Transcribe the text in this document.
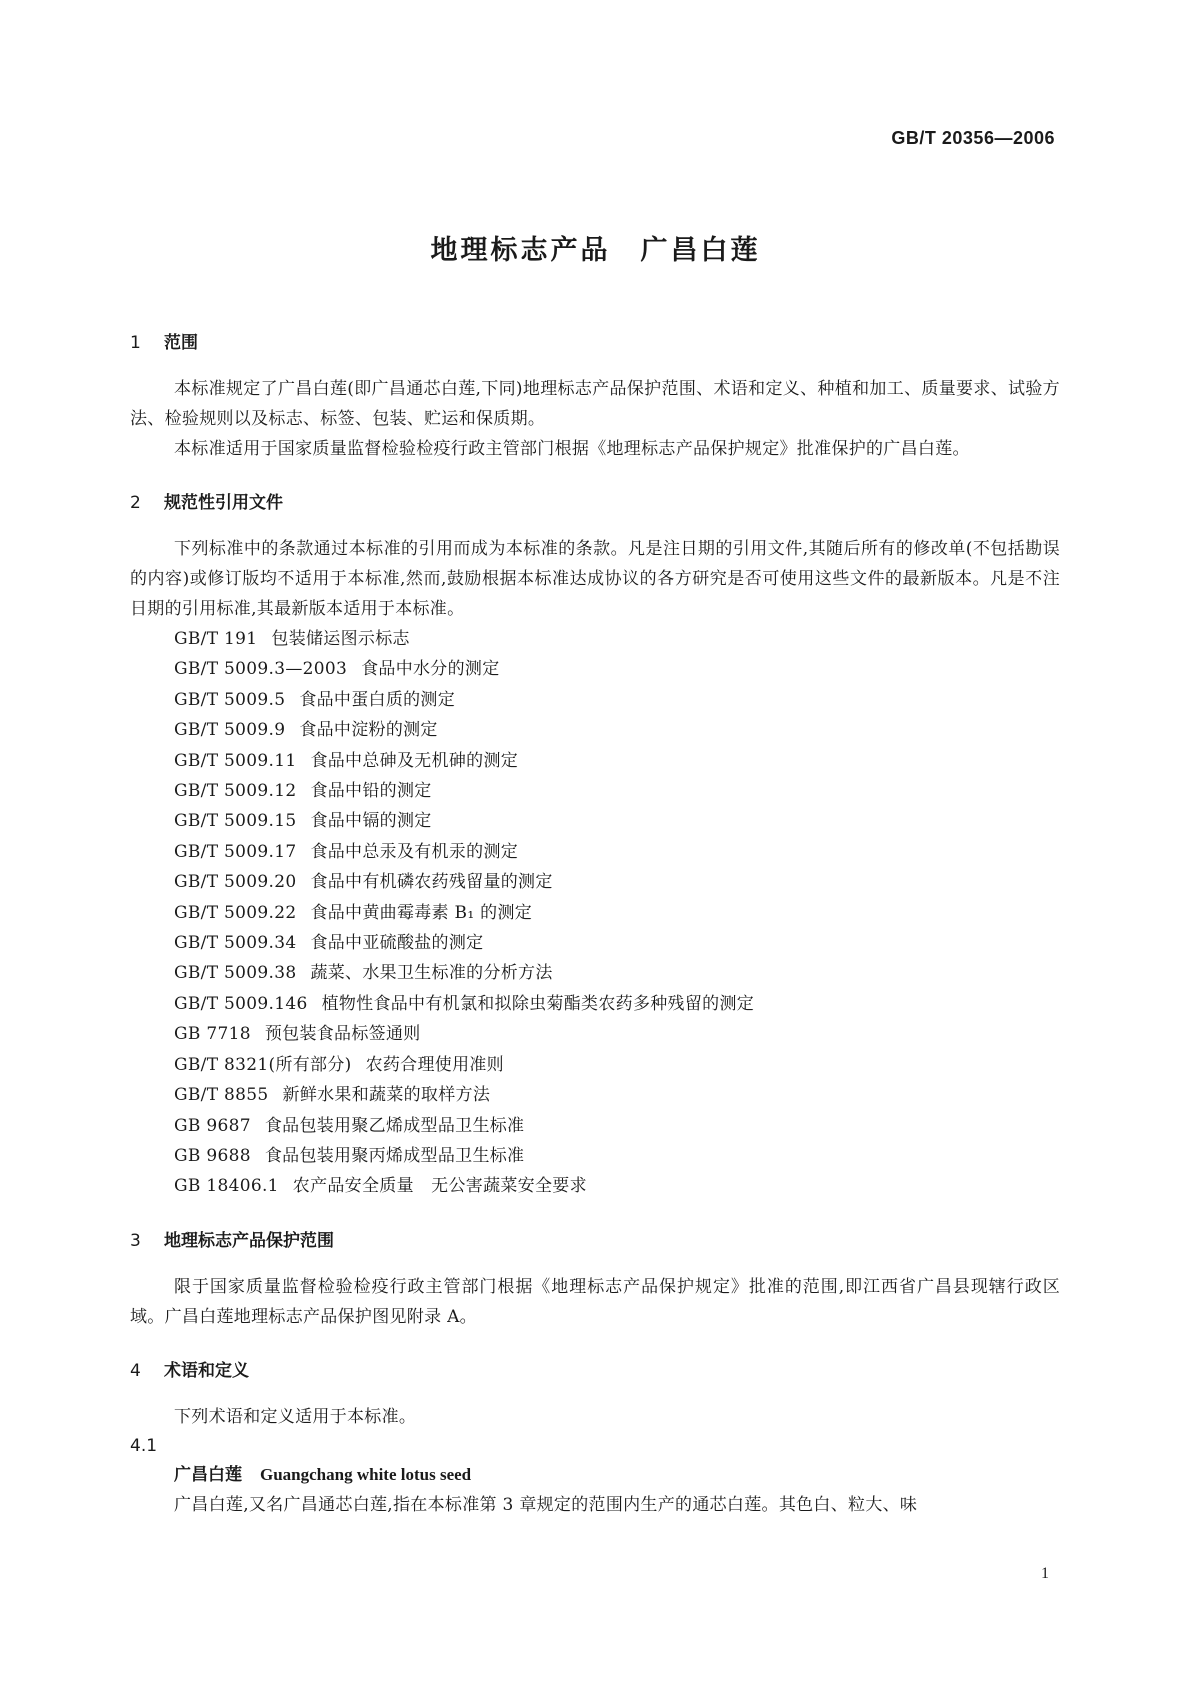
GB/T 20356—2006
地理标志产品　广昌白莲
1 范围

本标准规定了广昌白莲(即广昌通芯白莲,下同)地理标志产品保护范围、术语和定义、种植和加工、质量要求、试验方法、检验规则以及标志、标签、包装、贮运和保质期。

本标准适用于国家质量监督检验检疫行政主管部门根据《地理标志产品保护规定》批准保护的广昌白莲。

2 规范性引用文件

下列标准中的条款通过本标准的引用而成为本标准的条款。凡是注日期的引用文件,其随后所有的修改单(不包括勘误的内容)或修订版均不适用于本标准,然而,鼓励根据本标准达成协议的各方研究是否可使用这些文件的最新版本。凡是不注日期的引用标准,其最新版本适用于本标准。

GB/T 191 包装储运图示标志
GB/T 5009.3—2003 食品中水分的测定
GB/T 5009.5 食品中蛋白质的测定
GB/T 5009.9 食品中淀粉的测定
GB/T 5009.11 食品中总砷及无机砷的测定
GB/T 5009.12 食品中铅的测定
GB/T 5009.15 食品中镉的测定
GB/T 5009.17 食品中总汞及有机汞的测定
GB/T 5009.20 食品中有机磷农药残留量的测定
GB/T 5009.22 食品中黄曲霉毒素 B₁ 的测定
GB/T 5009.34 食品中亚硫酸盐的测定
GB/T 5009.38 蔬菜、水果卫生标准的分析方法
GB/T 5009.146 植物性食品中有机氯和拟除虫菊酯类农药多种残留的测定
GB 7718 预包装食品标签通则
GB/T 8321(所有部分) 农药合理使用准则
GB/T 8855 新鲜水果和蔬菜的取样方法
GB 9687 食品包装用聚乙烯成型品卫生标准
GB 9688 食品包装用聚丙烯成型品卫生标准
GB 18406.1 农产品安全质量　无公害蔬菜安全要求
3 地理标志产品保护范围

限于国家质量监督检验检疫行政主管部门根据《地理标志产品保护规定》批准的范围,即江西省广昌县现辖行政区域。广昌白莲地理标志产品保护图见附录 A。

4 术语和定义

下列术语和定义适用于本标准。

4.1

广昌白莲 Guangchang white lotus seed

广昌白莲,又名广昌通芯白莲,指在本标准第 3 章规定的范围内生产的通芯白莲。其色白、粒大、味

1
